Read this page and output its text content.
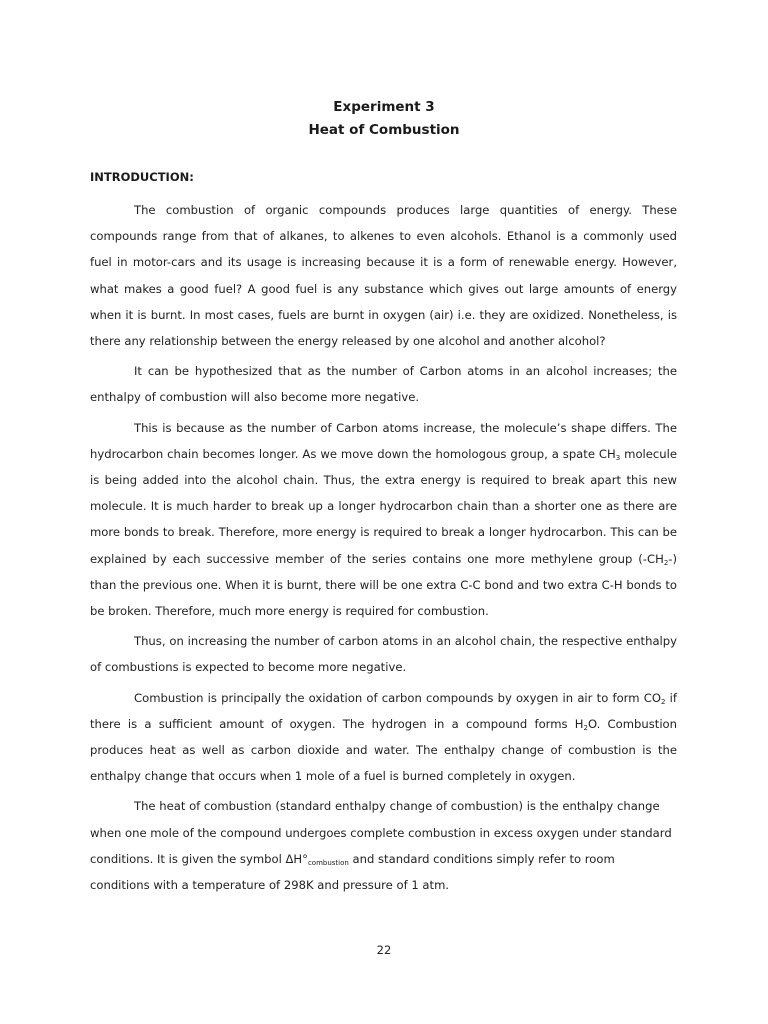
Experiment 3
Heat of Combustion
INTRODUCTION:

The combustion of organic compounds produces large quantities of energy. These compounds range from that of alkanes, to alkenes to even alcohols. Ethanol is a commonly used fuel in motor-cars and its usage is increasing because it is a form of renewable energy. However, what makes a good fuel? A good fuel is any substance which gives out large amounts of energy when it is burnt. In most cases, fuels are burnt in oxygen (air) i.e. they are oxidized. Nonetheless, is there any relationship between the energy released by one alcohol and another alcohol?

It can be hypothesized that as the number of Carbon atoms in an alcohol increases; the enthalpy of combustion will also become more negative.

This is because as the number of Carbon atoms increase, the molecule’s shape differs. The hydrocarbon chain becomes longer. As we move down the homologous group, a spate $CH_3$ molecule is being added into the alcohol chain. Thus, the extra energy is required to break apart this new molecule. It is much harder to break up a longer hydrocarbon chain than a shorter one as there are more bonds to break. Therefore, more energy is required to break a longer hydrocarbon. This can be explained by each successive member of the series contains one more methylene group $(-CH_2-)$ than the previous one. When it is burnt, there will be one extra C-C bond and two extra C-H bonds to be broken. Therefore, much more energy is required for combustion.

Thus, on increasing the number of carbon atoms in an alcohol chain, the respective enthalpy of combustions is expected to become more negative.

Combustion is principally the oxidation of carbon compounds by oxygen in air to form $CO_2$ if there is a sufficient amount of oxygen. The hydrogen in a compound forms $H_2O$. Combustion produces heat as well as carbon dioxide and water. The enthalpy change of combustion is the enthalpy change that occurs when 1 mole of a fuel is burned completely in oxygen.

The heat of combustion (standard enthalpy change of combustion) is the enthalpy change when one mole of the compound undergoes complete combustion in excess oxygen under standard conditions. It is given the symbol $\Delta H^\circ_{combustion}$ and standard conditions simply refer to room conditions with a temperature of 298K and pressure of 1 atm.

22
